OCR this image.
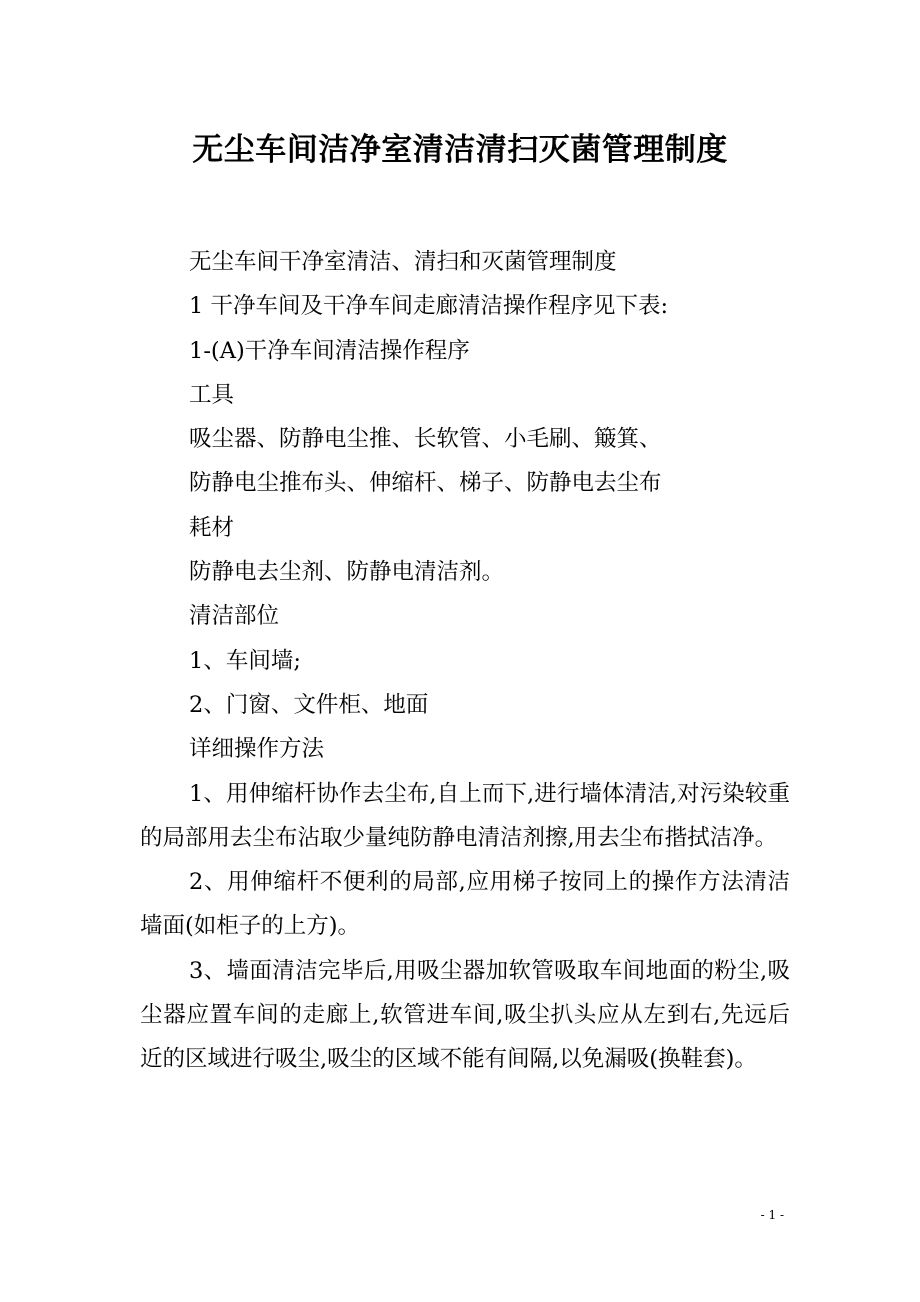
无尘车间洁净室清洁清扫灭菌管理制度

无尘车间干净室清洁、清扫和灭菌管理制度

1 干净车间及干净车间走廊清洁操作程序见下表:

1-(A)干净车间清洁操作程序

工具

吸尘器、防静电尘推、长软管、小毛刷、簸箕、

防静电尘推布头、伸缩杆、梯子、防静电去尘布

耗材

防静电去尘剂、防静电清洁剂。

清洁部位

1、车间墙;

2、门窗、文件柜、地面

详细操作方法

1、用伸缩杆协作去尘布,自上而下,进行墙体清洁,对污染较重的局部用去尘布沾取少量纯防静电清洁剂擦,用去尘布揩拭洁净。

2、用伸缩杆不便利的局部,应用梯子按同上的操作方法清洁墙面(如柜子的上方)。

3、墙面清洁完毕后,用吸尘器加软管吸取车间地面的粉尘,吸尘器应置车间的走廊上,软管进车间,吸尘扒头应从左到右,先远后近的区域进行吸尘,吸尘的区域不能有间隔,以免漏吸(换鞋套)。

- 1 -
